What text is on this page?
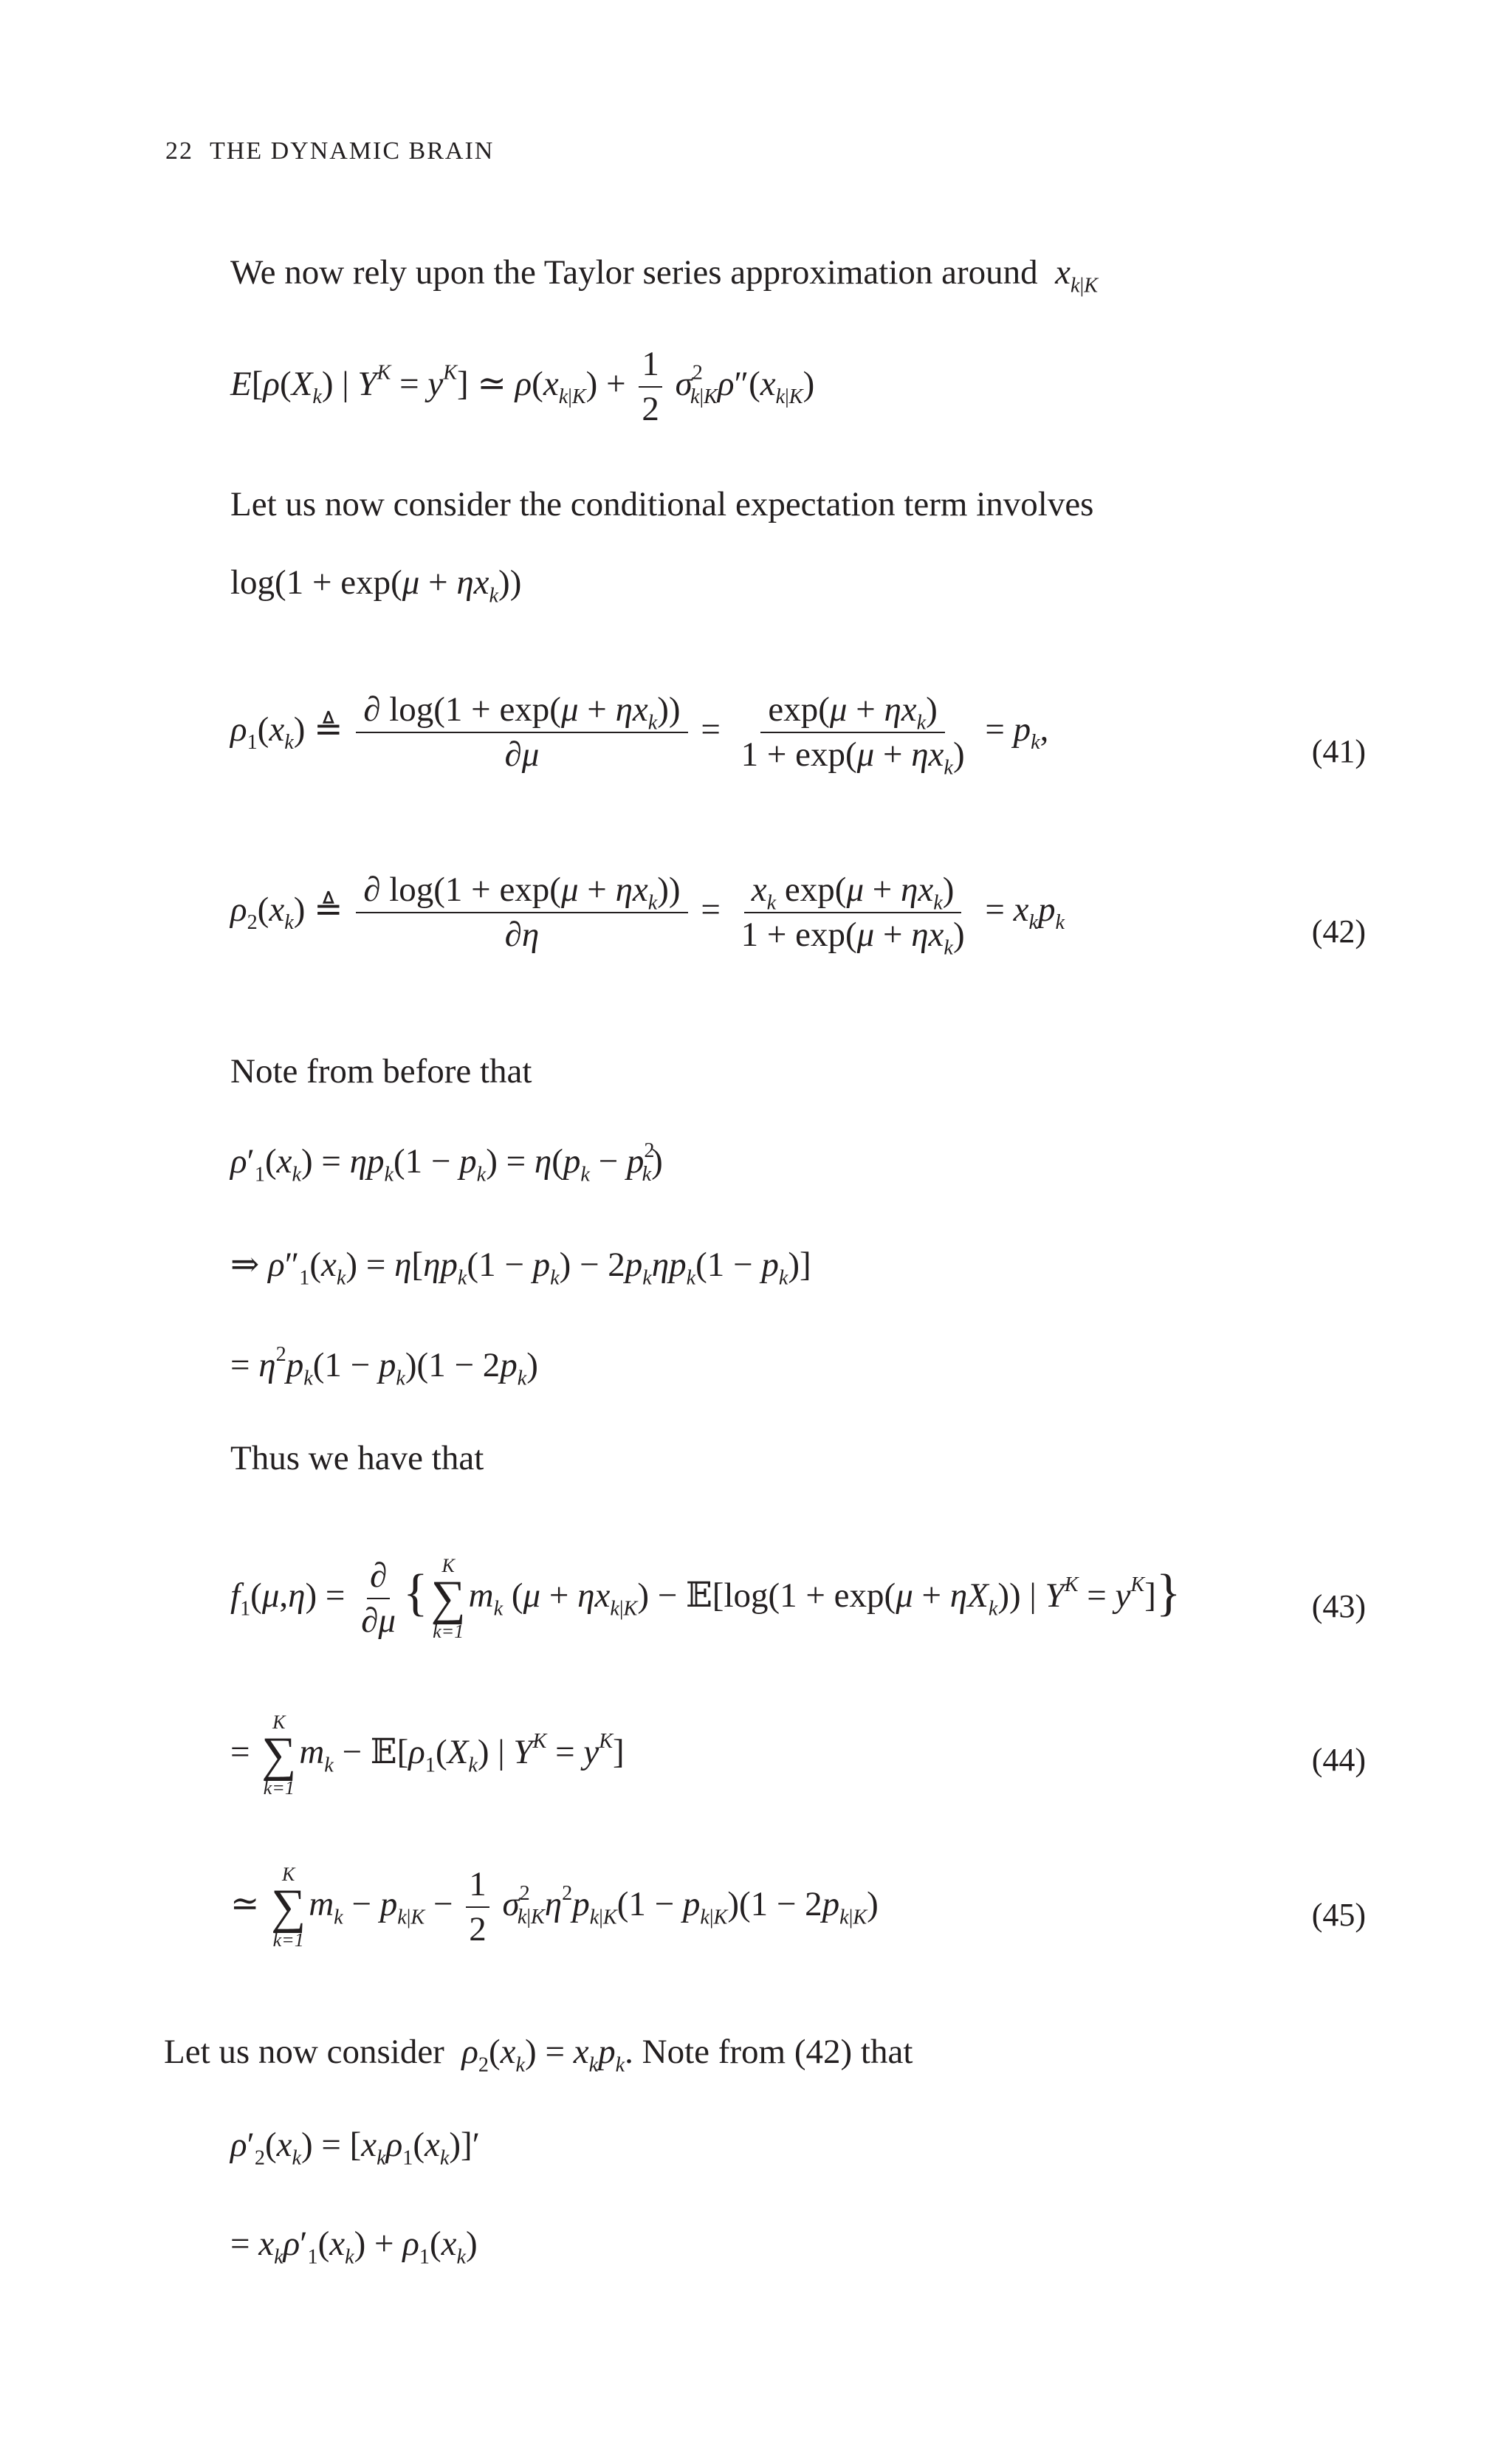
22 THE DYNAMIC BRAIN
We now rely upon the Taylor series approximation around $x_{k|K}$
$E[\rho(X_k)$ | $Y^K = y^K$] ≃ $\rho(x_{k|K}) + \frac{1}{2} \sigma^2_{k|K}\rho''(x_{k|K})$
Let us now consider the conditional expectation term involves
$\log(1 + \exp(\mu + \eta x_k))$
$\rho_1(x_k)$ ≜ $\frac{\partial \log(1 + \exp(\mu + \eta x_k))}{\partial\mu} = \frac{\exp(\mu + \eta x_k)}{1 + \exp(\mu + \eta x_k)} = p_k$,
(41)
$\rho_2(x_k)$ ≜ $\frac{\partial \log(1 + \exp(\mu + \eta x_k))}{\partial\eta} = \frac{x_k \exp(\mu + \eta x_k)}{1 + \exp(\mu + \eta x_k)} = x_kp_k$	(42)
Note from before that
$\rho'_1(x_k) = \eta p_k(1 - p_k) = \eta(p_k - p^2_k)$
⇒ $\rho''_1(x_k) = \eta[\eta p_k(1 - p_k) - 2p_k\eta p_k(1 - p_k)]$
= $\eta^2p_k(1 - p_k)(1 - 2p_k)$
Thus we have that
$f_1(\mu,\eta) = \frac{\partial}{\partial\mu}$ { K
∑
k=1
$m_k$ $(\mu + \eta x_{k|K})$ − 𝔼[log(1 + $\exp(\mu + \eta X_k)$) | $Y^K = y^K$]}	(43)
=
K
∑
k=1
$m_k$ − $𝔼[\rho_1(X_k)$ | $Y^K = y^K$]	(44)
≃
K
∑
k=1
$m_k - p_{k|K} - \frac{1}{2} \sigma^2_{k|K}\eta^2p_{k|K}(1 - p_{k|K})(1 - 2p_{k|K})$	(45)
Let us now consider $\rho_2(x_k) = x_kp_k$. Note from (42) that
$\rho'_2(x_k) = [x_k\rho_1(x_k)]'$
= $x_k\rho'_1(x_k) + \rho_1(x_k)$
